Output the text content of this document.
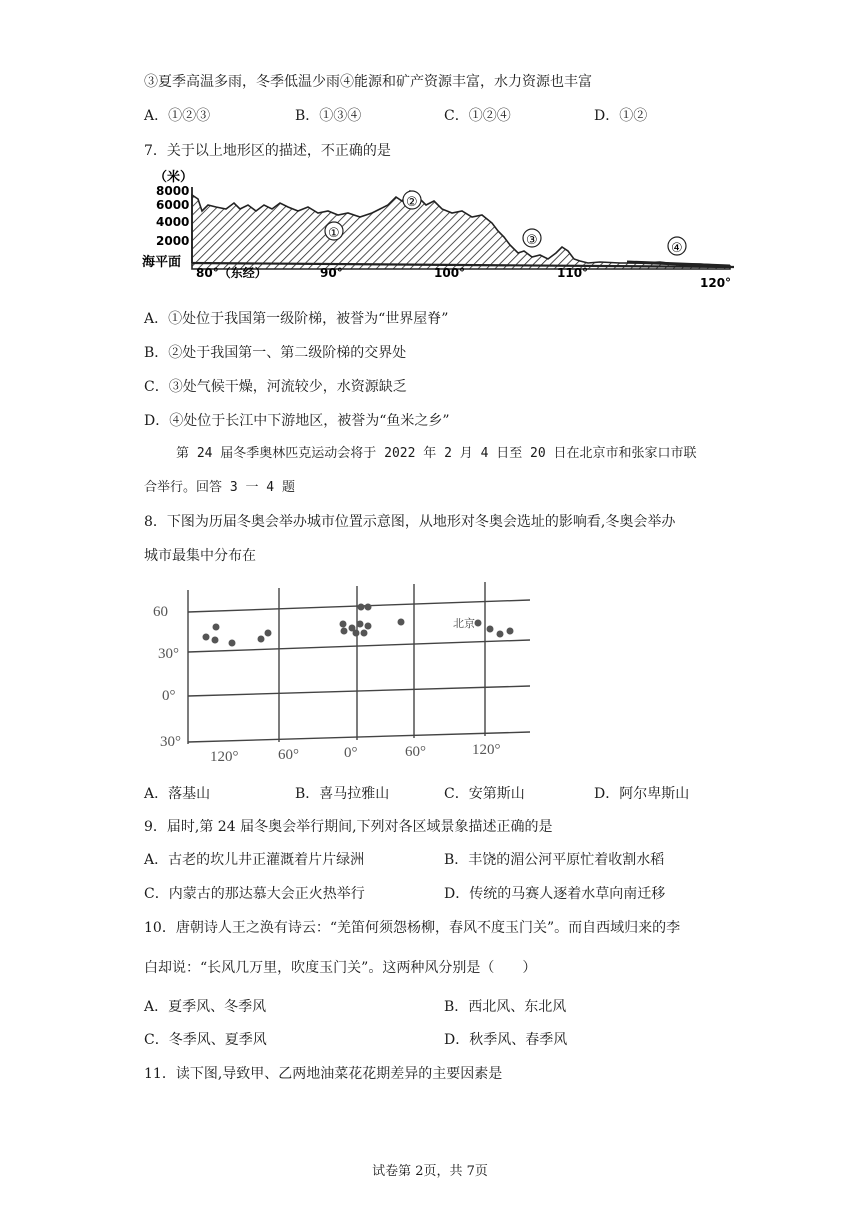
③夏季高温多雨，冬季低温少雨④能源和矿产资源丰富，水力资源也丰富
A．①②③	B．①③④	C．①②④	D．①②
7．关于以上地形区的描述，不正确的是
（米）
8000
6000
4000
2000
海平面
80°（东经）	90°	100°	110°
120°
①
②
③
④
A．①处位于我国第一级阶梯，被誉为“世界屋脊”
B．②处于我国第一、第二级阶梯的交界处
C．③处气候干燥，河流较少，水资源缺乏
D．④处位于长江中下游地区，被誉为“鱼米之乡”
第 24 届冬季奥林匹克运动会将于 2022 年 2 月 4 日至 20 日在北京市和张家口市联
合举行。回答 3 一 4 题
8．下图为历届冬奥会举办城市位置示意图，从地形对冬奥会选址的影响看,冬奥会举办
城市最集中分布在
60
30°
0°
30°
120°	60°	0°	60°	120°
北京
A．落基山	B．喜马拉雅山	C．安第斯山	D．阿尔卑斯山
9．届时,第 24 届冬奥会举行期间,下列对各区域景象描述正确的是
A．古老的坎儿井正灌溉着片片绿洲	B．丰饶的湄公河平原忙着收割水稻
C．内蒙古的那达慕大会正火热举行	D．传统的马赛人逐着水草向南迁移
10．唐朝诗人王之涣有诗云：“羌笛何须怨杨柳，春风不度玉门关”。而自西域归来的李
白却说：“长风几万里，吹度玉门关”。这两种风分别是（　　）
A．夏季风、冬季风	B．西北风、东北风
C．冬季风、夏季风	D．秋季风、春季风
11．读下图,导致甲、乙两地油菜花花期差异的主要因素是
试卷第 2页，共 7页
